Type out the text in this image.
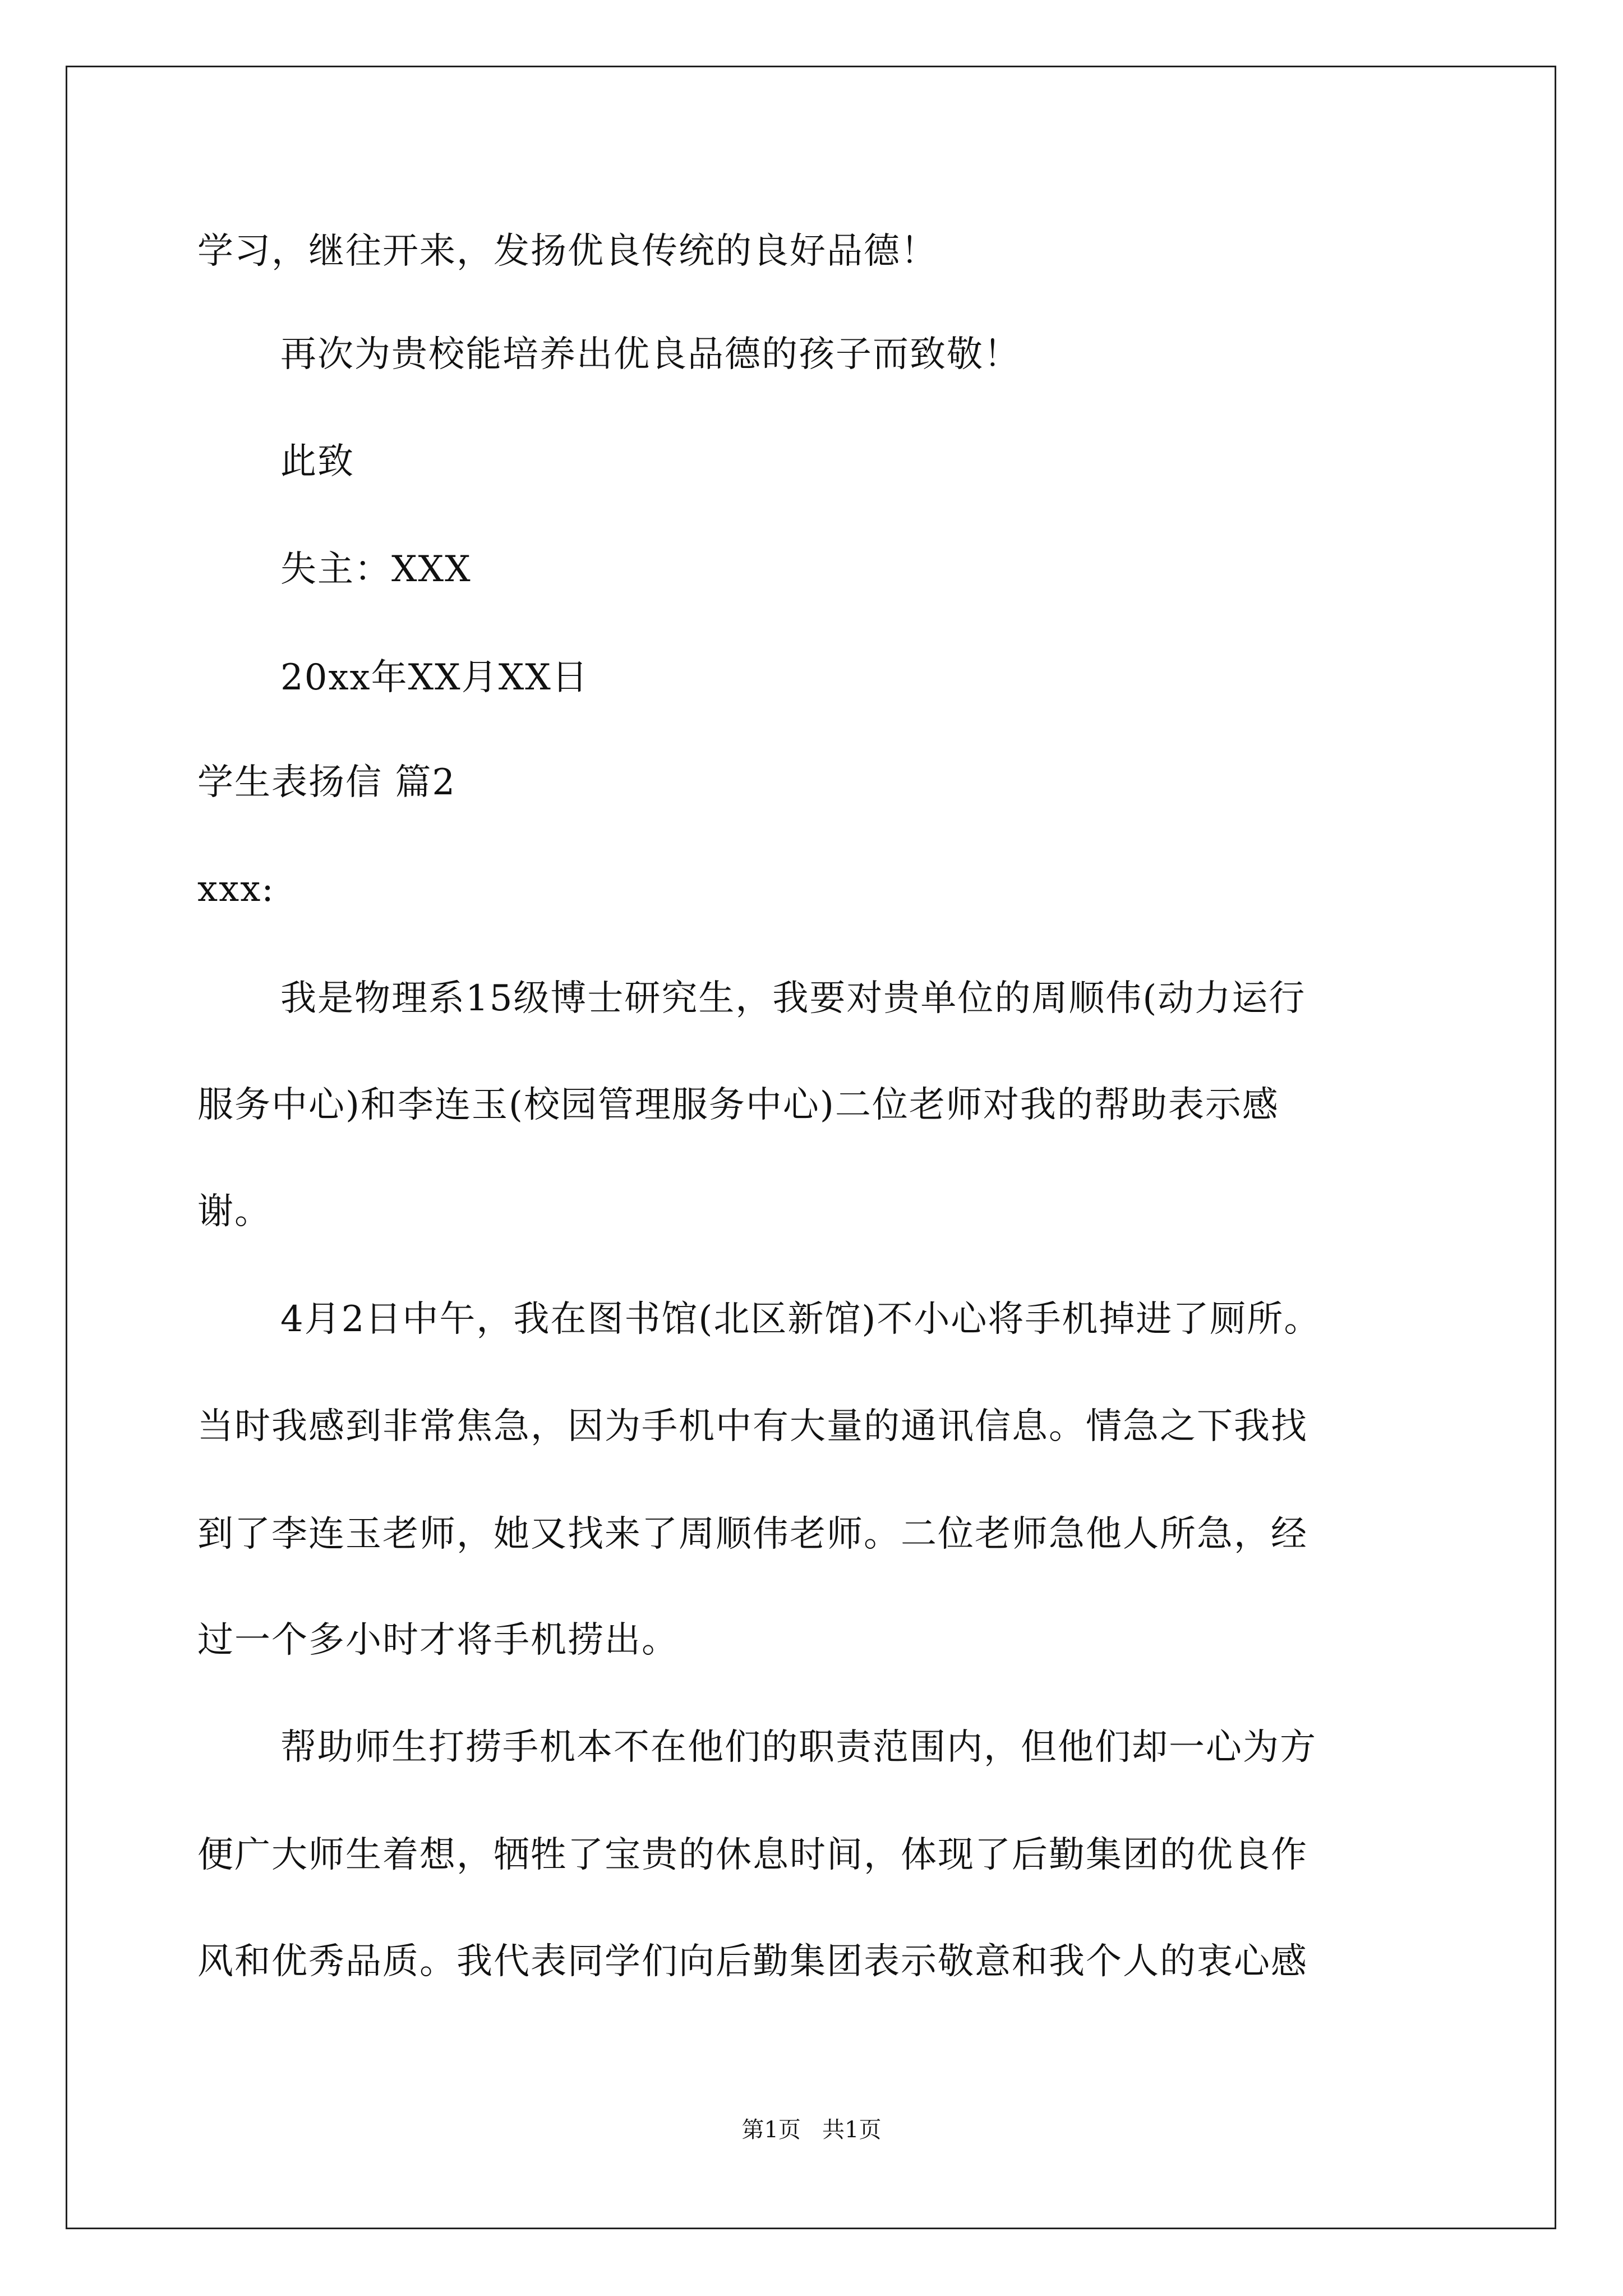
学习，继往开来，发扬优良传统的良好品德！
再次为贵校能培养出优良品德的孩子而致敬！
此致
失主：XXX
20xx年XX月XX日
学生表扬信 篇2
xxx:
我是物理系15级博士研究生，我要对贵单位的周顺伟(动力运行
服务中心)和李连玉(校园管理服务中心)二位老师对我的帮助表示感
谢。
4月2日中午，我在图书馆(北区新馆)不小心将手机掉进了厕所。
当时我感到非常焦急，因为手机中有大量的通讯信息。情急之下我找
到了李连玉老师，她又找来了周顺伟老师。二位老师急他人所急，经
过一个多小时才将手机捞出。
帮助师生打捞手机本不在他们的职责范围内，但他们却一心为方
便广大师生着想，牺牲了宝贵的休息时间，体现了后勤集团的优良作
风和优秀品质。我代表同学们向后勤集团表示敬意和我个人的衷心感
第1页   共1页
